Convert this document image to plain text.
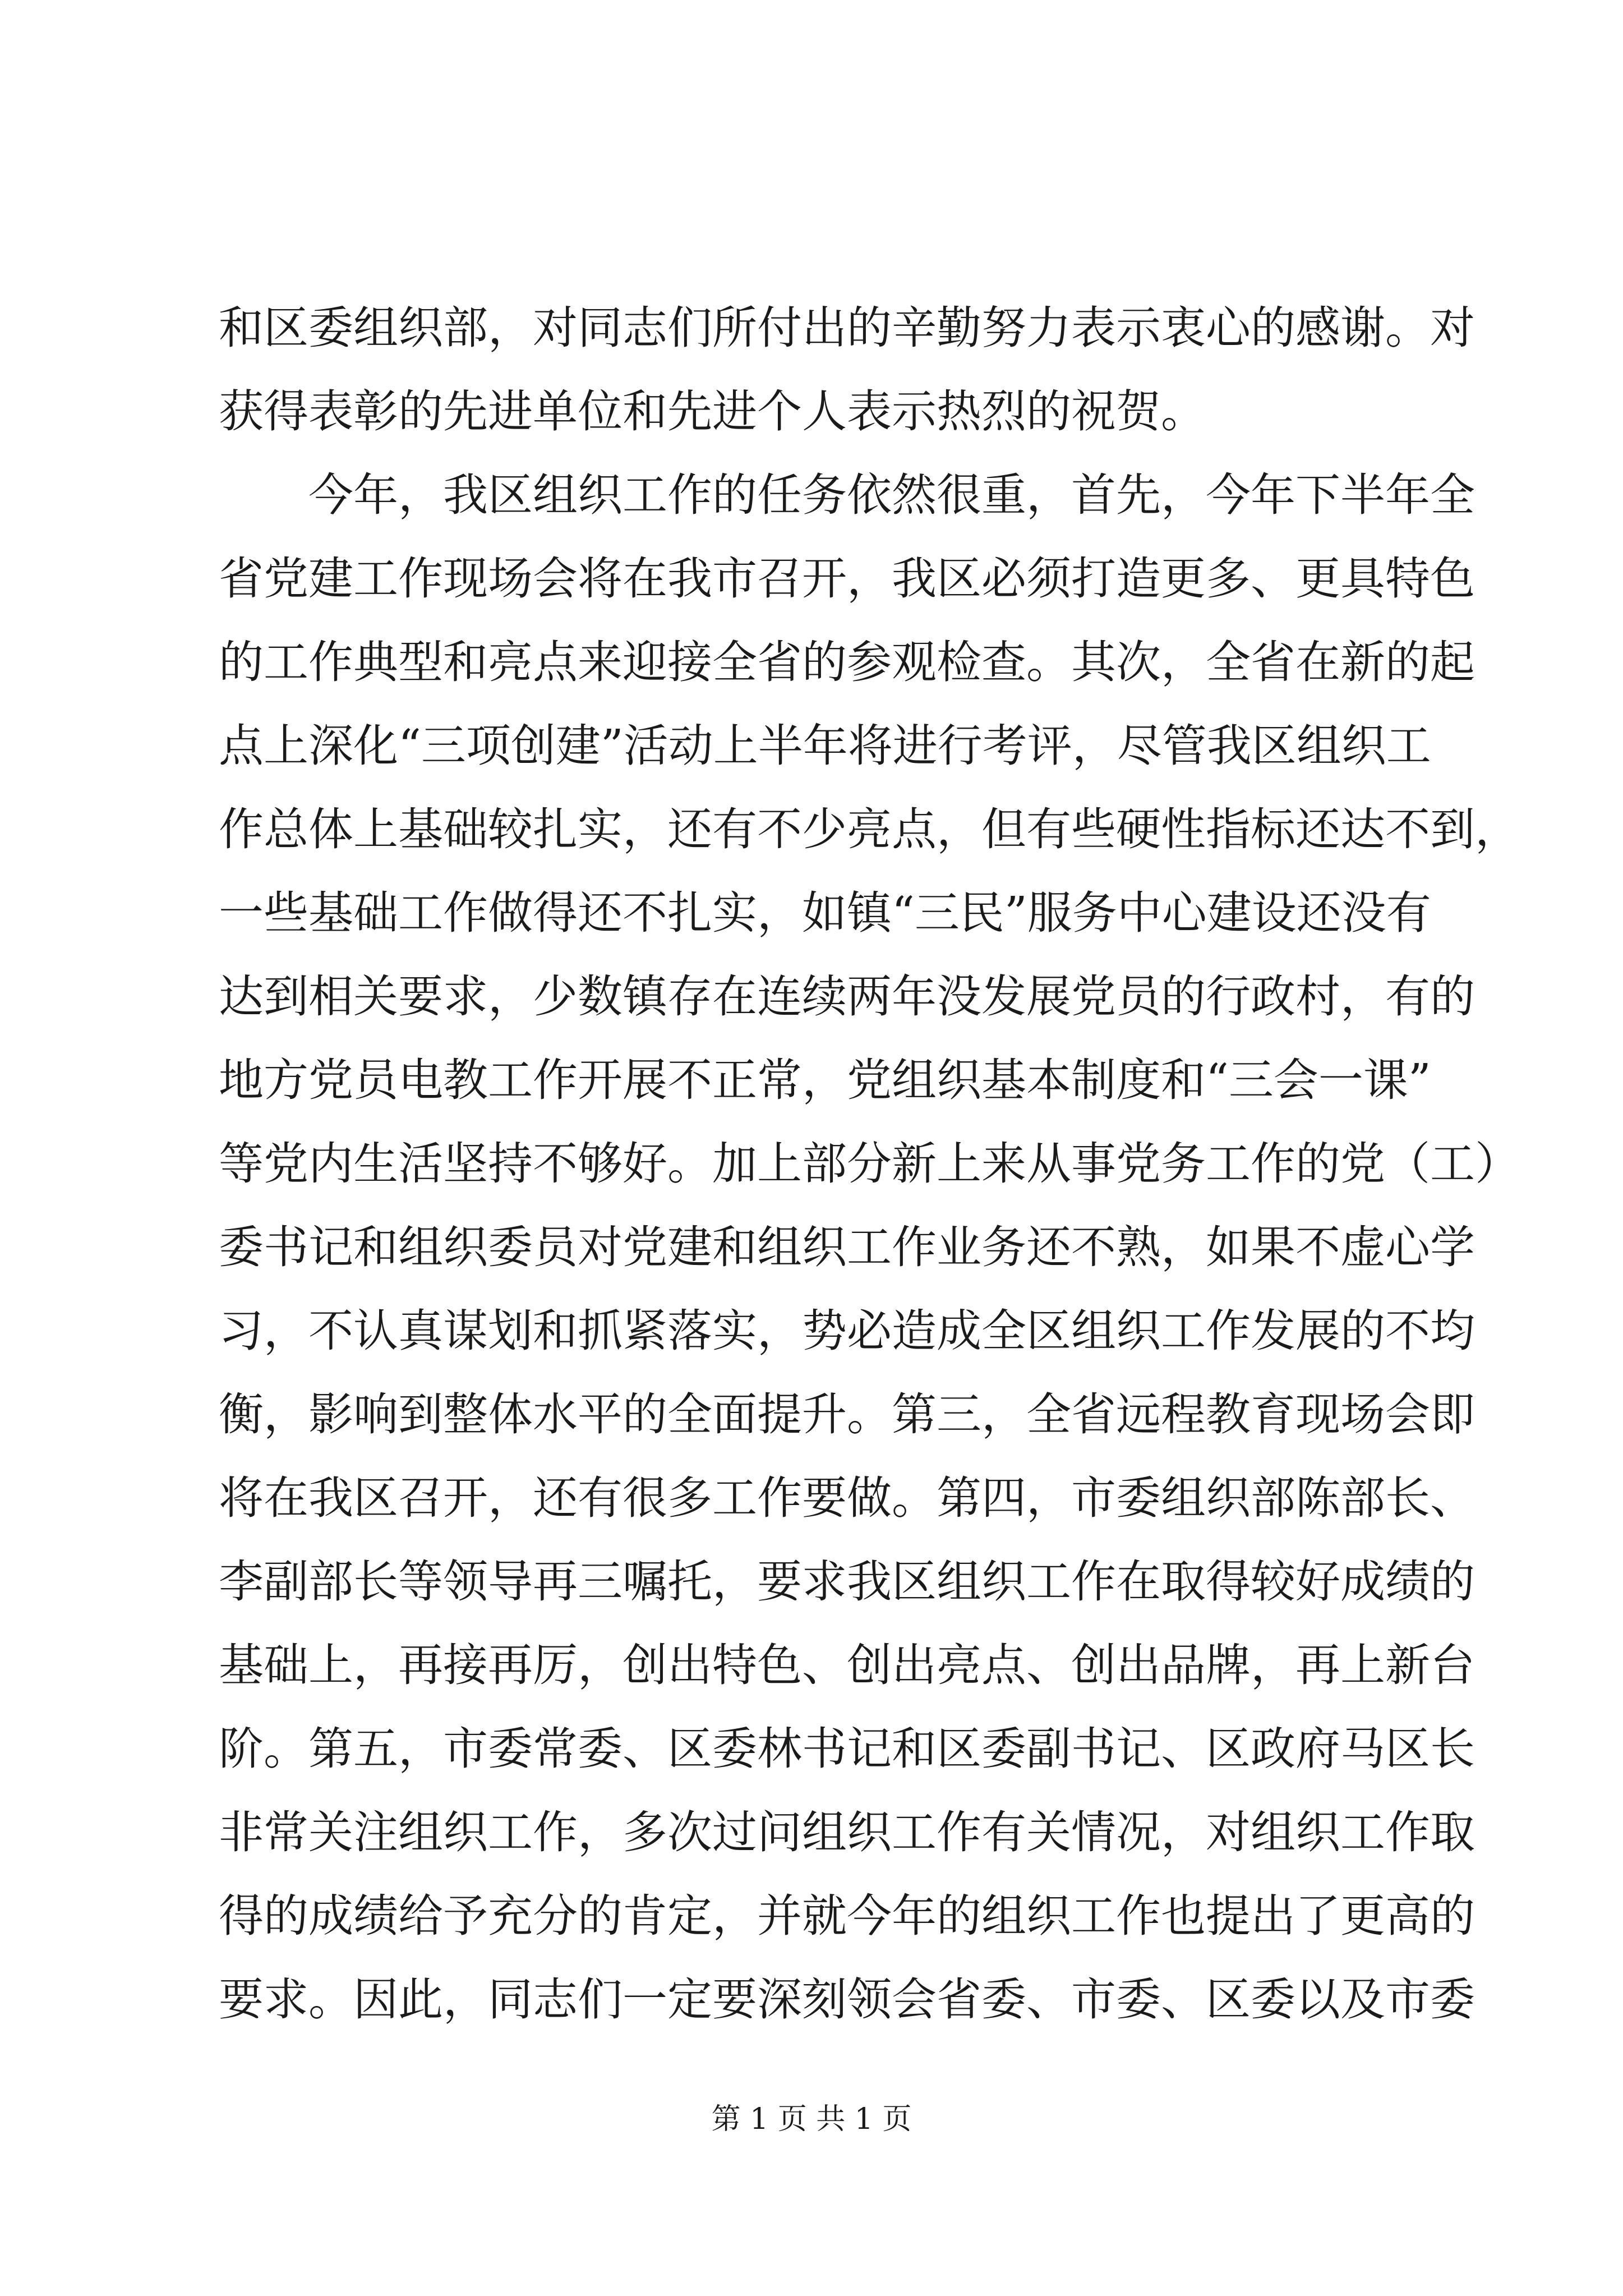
和区委组织部，对同志们所付出的辛勤努力表示衷心的感谢。对
获得表彰的先进单位和先进个人表示热烈的祝贺。
今年，我区组织工作的任务依然很重，首先，今年下半年全
省党建工作现场会将在我市召开，我区必须打造更多、更具特色
的工作典型和亮点来迎接全省的参观检查。其次，全省在新的起
点上深化“三项创建”活动上半年将进行考评，尽管我区组织工
作总体上基础较扎实，还有不少亮点，但有些硬性指标还达不到，
一些基础工作做得还不扎实，如镇“三民”服务中心建设还没有
达到相关要求，少数镇存在连续两年没发展党员的行政村，有的
地方党员电教工作开展不正常，党组织基本制度和“三会一课”
等党内生活坚持不够好。加上部分新上来从事党务工作的党（工）
委书记和组织委员对党建和组织工作业务还不熟，如果不虚心学
习，不认真谋划和抓紧落实，势必造成全区组织工作发展的不均
衡，影响到整体水平的全面提升。第三，全省远程教育现场会即
将在我区召开，还有很多工作要做。第四，市委组织部陈部长、
李副部长等领导再三嘱托，要求我区组织工作在取得较好成绩的
基础上，再接再厉，创出特色、创出亮点、创出品牌，再上新台
阶。第五，市委常委、区委林书记和区委副书记、区政府马区长
非常关注组织工作，多次过问组织工作有关情况，对组织工作取
得的成绩给予充分的肯定，并就今年的组织工作也提出了更高的
要求。因此，同志们一定要深刻领会省委、市委、区委以及市委
第 1 页 共 1 页
